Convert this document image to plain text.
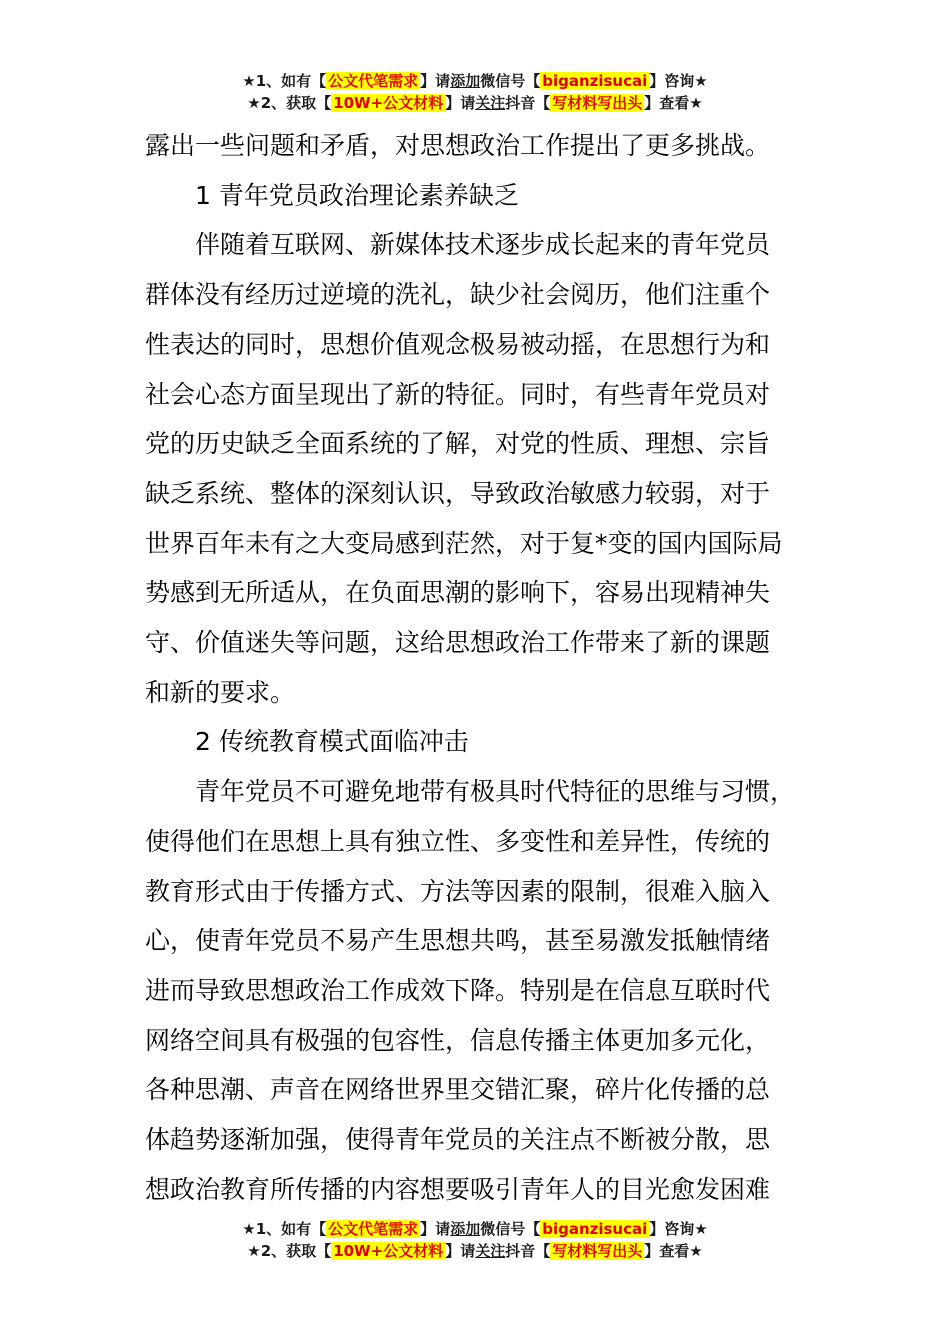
★1、如有【 公文代笔需求 】请添加微信号【 biganzisucai 】咨询★
★2、获取【 10W+公文材料 】请关注抖音【 写材料写出头 】查看★

露出一些问题和矛盾，对思想政治工作提出了更多挑战。

1 青年党员政治理论素养缺乏

伴随着互联网、新媒体技术逐步成长起来的青年党员

群体没有经历过逆境的洗礼，缺少社会阅历，他们注重个

性表达的同时，思想价值观念极易被动摇，在思想行为和

社会心态方面呈现出了新的特征。同时，有些青年党员对

党的历史缺乏全面系统的了解，对党的性质、理想、宗旨

缺乏系统、整体的深刻认识，导致政治敏感力较弱，对于

世界百年未有之大变局感到茫然，对于复*变的国内国际局

势感到无所适从，在负面思潮的影响下，容易出现精神失

守、价值迷失等问题，这给思想政治工作带来了新的课题

和新的要求。

2 传统教育模式面临冲击

青年党员不可避免地带有极具时代特征的思维与习惯，

使得他们在思想上具有独立性、多变性和差异性，传统的

教育形式由于传播方式、方法等因素的限制，很难入脑入

心，使青年党员不易产生思想共鸣，甚至易激发抵触情绪

进而导致思想政治工作成效下降。特别是在信息互联时代

网络空间具有极强的包容性，信息传播主体更加多元化，

各种思潮、声音在网络世界里交错汇聚，碎片化传播的总

体趋势逐渐加强，使得青年党员的关注点不断被分散，思

想政治教育所传播的内容想要吸引青年人的目光愈发困难

★1、如有【 公文代笔需求 】请添加微信号【 biganzisucai 】咨询★
★2、获取【 10W+公文材料 】请关注抖音【 写材料写出头 】查看★
